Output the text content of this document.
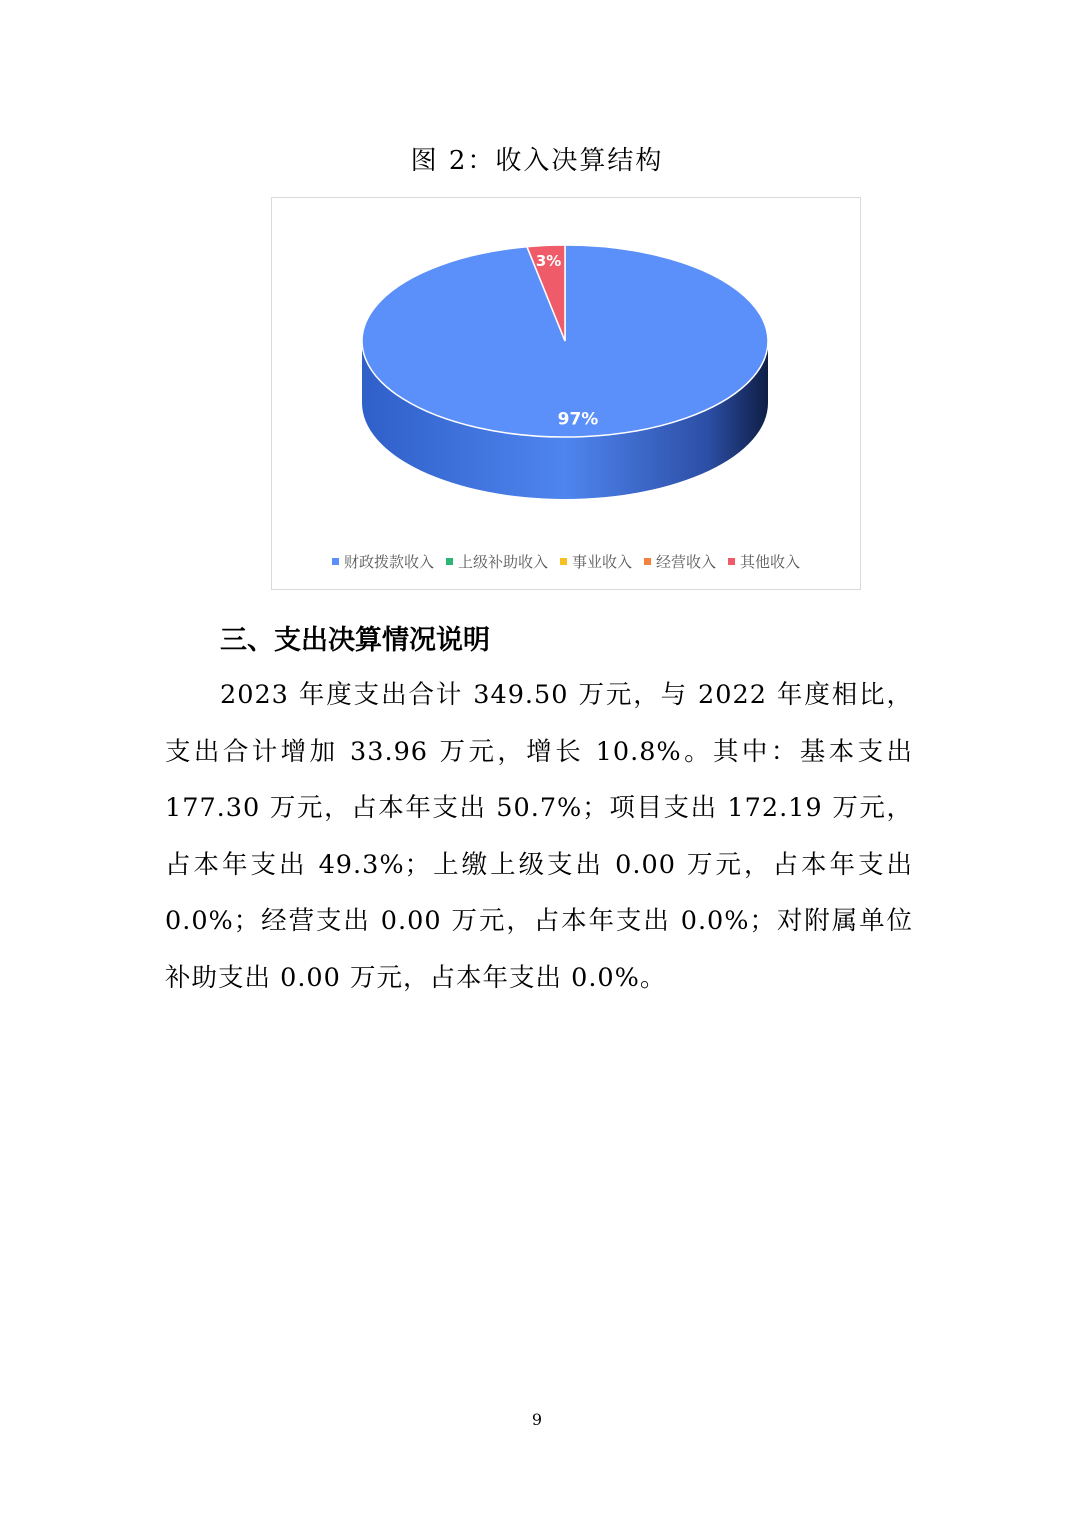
图 2：收入决算结构
97%
3%
财政拨款收入 上级补助收入 事业收入 经营收入 其他收入
三、支出决算情况说明

2023 年度支出合计 349.50 万元，与 2022 年度相比，支出合计增加 33.96 万元，增长 10.8%。其中：基本支出 177.30 万元，占本年支出 50.7%；项目支出 172.19 万元，占本年支出 49.3%；上缴上级支出 0.00 万元，占本年支出 0.0%；经营支出 0.00 万元，占本年支出 0.0%；对附属单位补助支出 0.00 万元，占本年支出 0.0%。

9
